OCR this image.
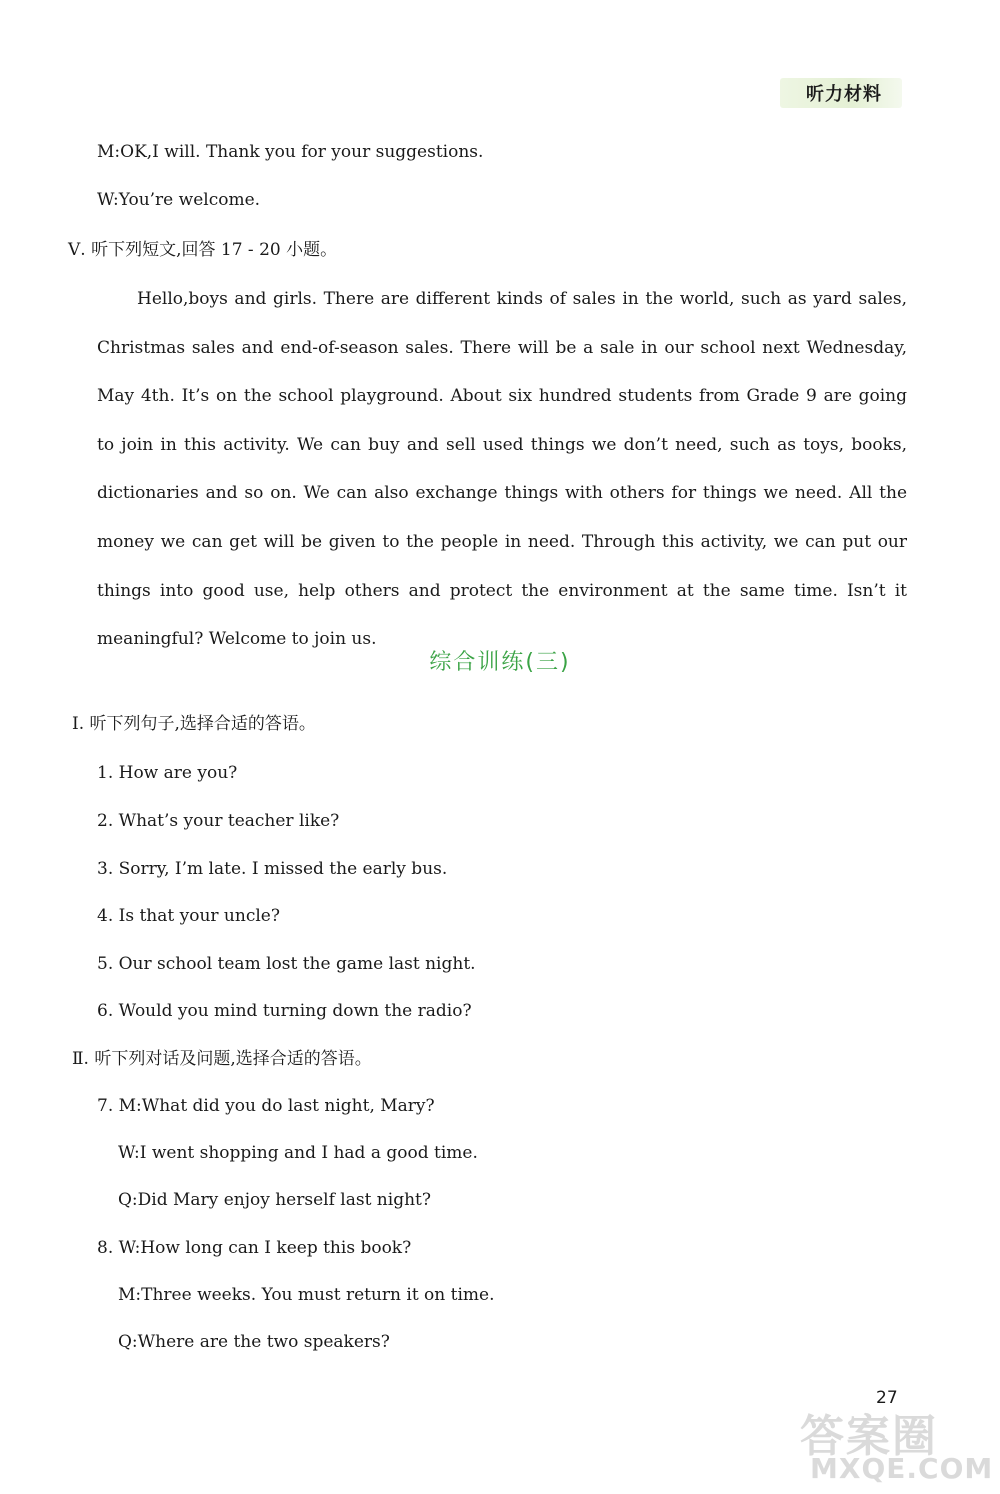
听力材料
M:OK,I will. Thank you for your suggestions.
W:You’re welcome.
Ⅴ. 听下列短文,回答 17 - 20 小题。
Hello,boys and girls. There are different kinds of sales in the world, such as yard sales, Christmas sales and end-of-season sales. There will be a sale in our school next Wednesday, May 4th. It’s on the school playground. About six hundred students from Grade 9 are going to join in this activity. We can buy and sell used things we don’t need, such as toys, books, dictionaries and so on. We can also exchange things with others for things we need. All the money we can get will be given to the people in need. Through this activity, we can put our things into good use, help others and protect the environment at the same time. Isn’t it meaningful? Welcome to join us.
综合训练(三)
Ⅰ. 听下列句子,选择合适的答语。
1. How are you?
2. What’s your teacher like?
3. Sorry, I’m late. I missed the early bus.
4. Is that your uncle?
5. Our school team lost the game last night.
6. Would you mind turning down the radio?
Ⅱ. 听下列对话及问题,选择合适的答语。
7. M:What did you do last night, Mary?
W:I went shopping and I had a good time.
Q:Did Mary enjoy herself last night?
8. W:How long can I keep this book?
M:Three weeks. You must return it on time.
Q:Where are the two speakers?
27
答案圈
MXQE.COM
